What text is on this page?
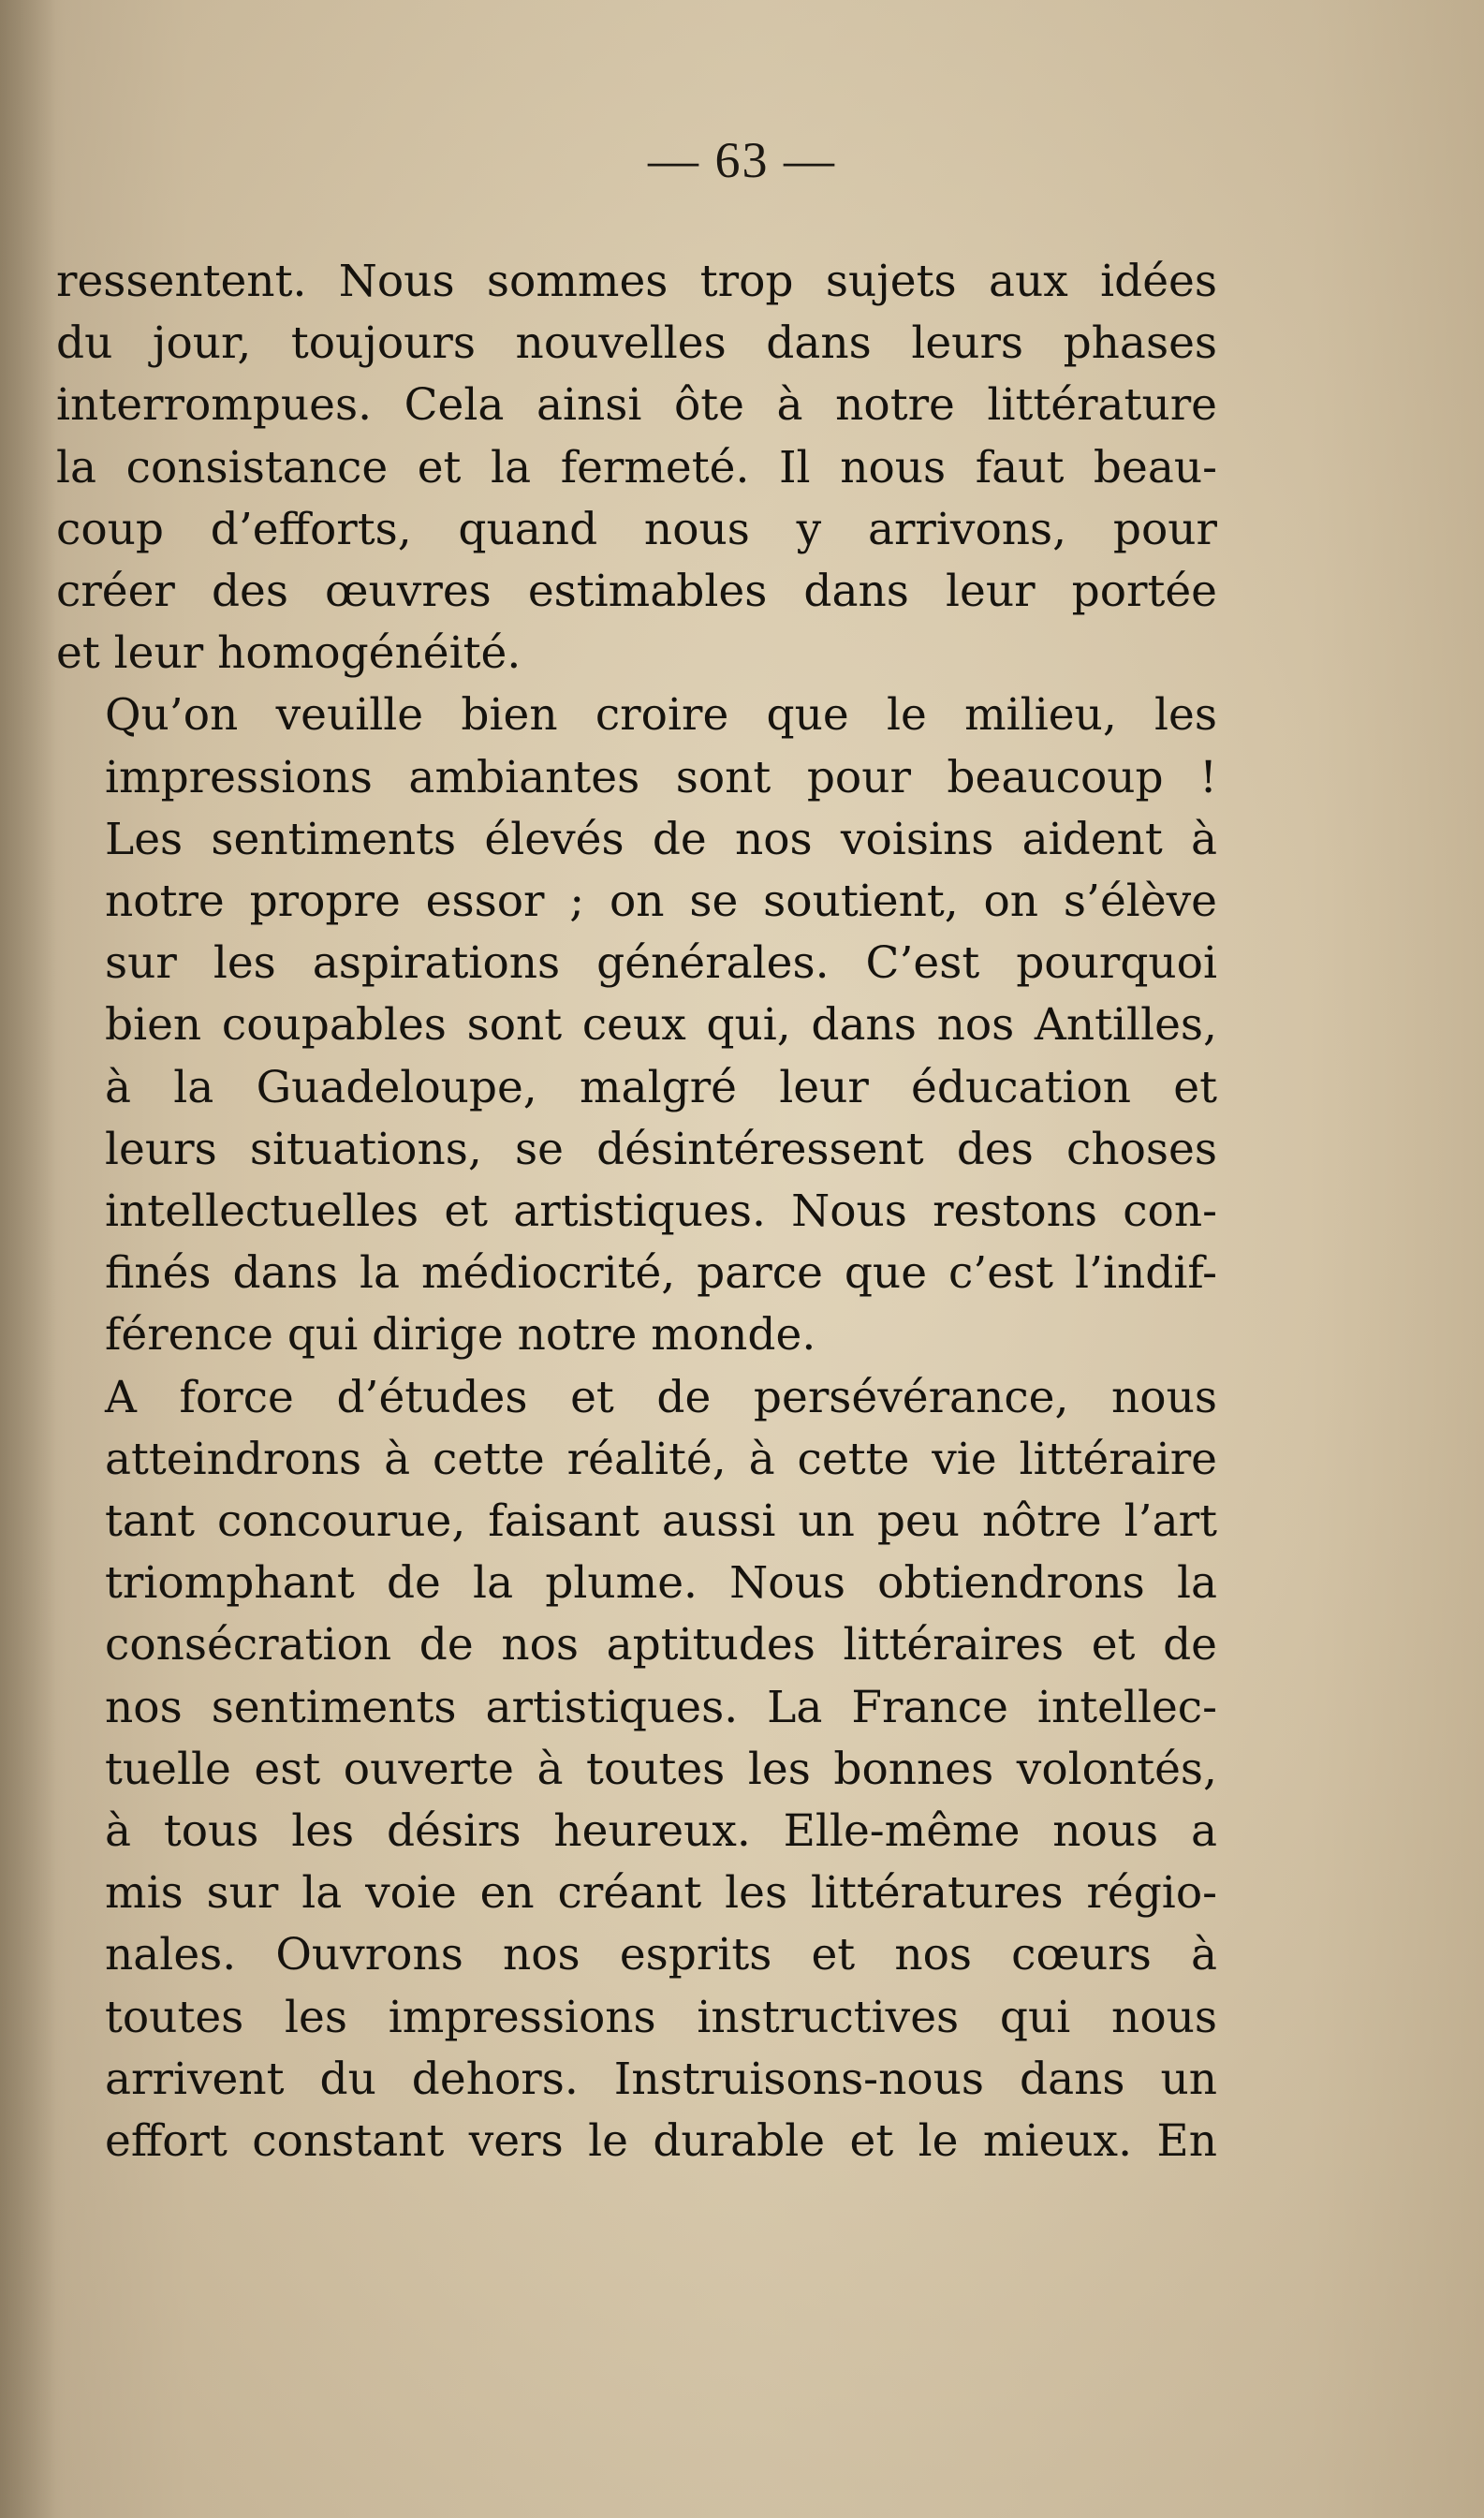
— 63 —
ressentent. Nous sommes trop sujets aux idées
du jour, toujours nouvelles dans leurs phases
interrompues. Cela ainsi ôte à notre littérature
la consistance et la fermeté. Il nous faut beau-
coup d’efforts, quand nous y arrivons, pour
créer des œuvres estimables dans leur portée
et leur homogénéité.
Qu’on veuille bien croire que le milieu, les
impressions ambiantes sont pour beaucoup !
Les sentiments élevés de nos voisins aident à
notre propre essor ; on se soutient, on s’élève
sur les aspirations générales. C’est pourquoi
bien coupables sont ceux qui, dans nos Antilles,
à la Guadeloupe, malgré leur éducation et
leurs situations, se désintéressent des choses
intellectuelles et artistiques. Nous restons con-
finés dans la médiocrité, parce que c’est l’indif-
férence qui dirige notre monde.
A force d’études et de persévérance, nous
atteindrons à cette réalité, à cette vie littéraire
tant concourue, faisant aussi un peu nôtre l’art
triomphant de la plume. Nous obtiendrons la
consécration de nos aptitudes littéraires et de
nos sentiments artistiques. La France intellec-
tuelle est ouverte à toutes les bonnes volontés,
à tous les désirs heureux. Elle-même nous a
mis sur la voie en créant les littératures régio-
nales. Ouvrons nos esprits et nos cœurs à
toutes les impressions instructives qui nous
arrivent du dehors. Instruisons-nous dans un
effort constant vers le durable et le mieux. En
